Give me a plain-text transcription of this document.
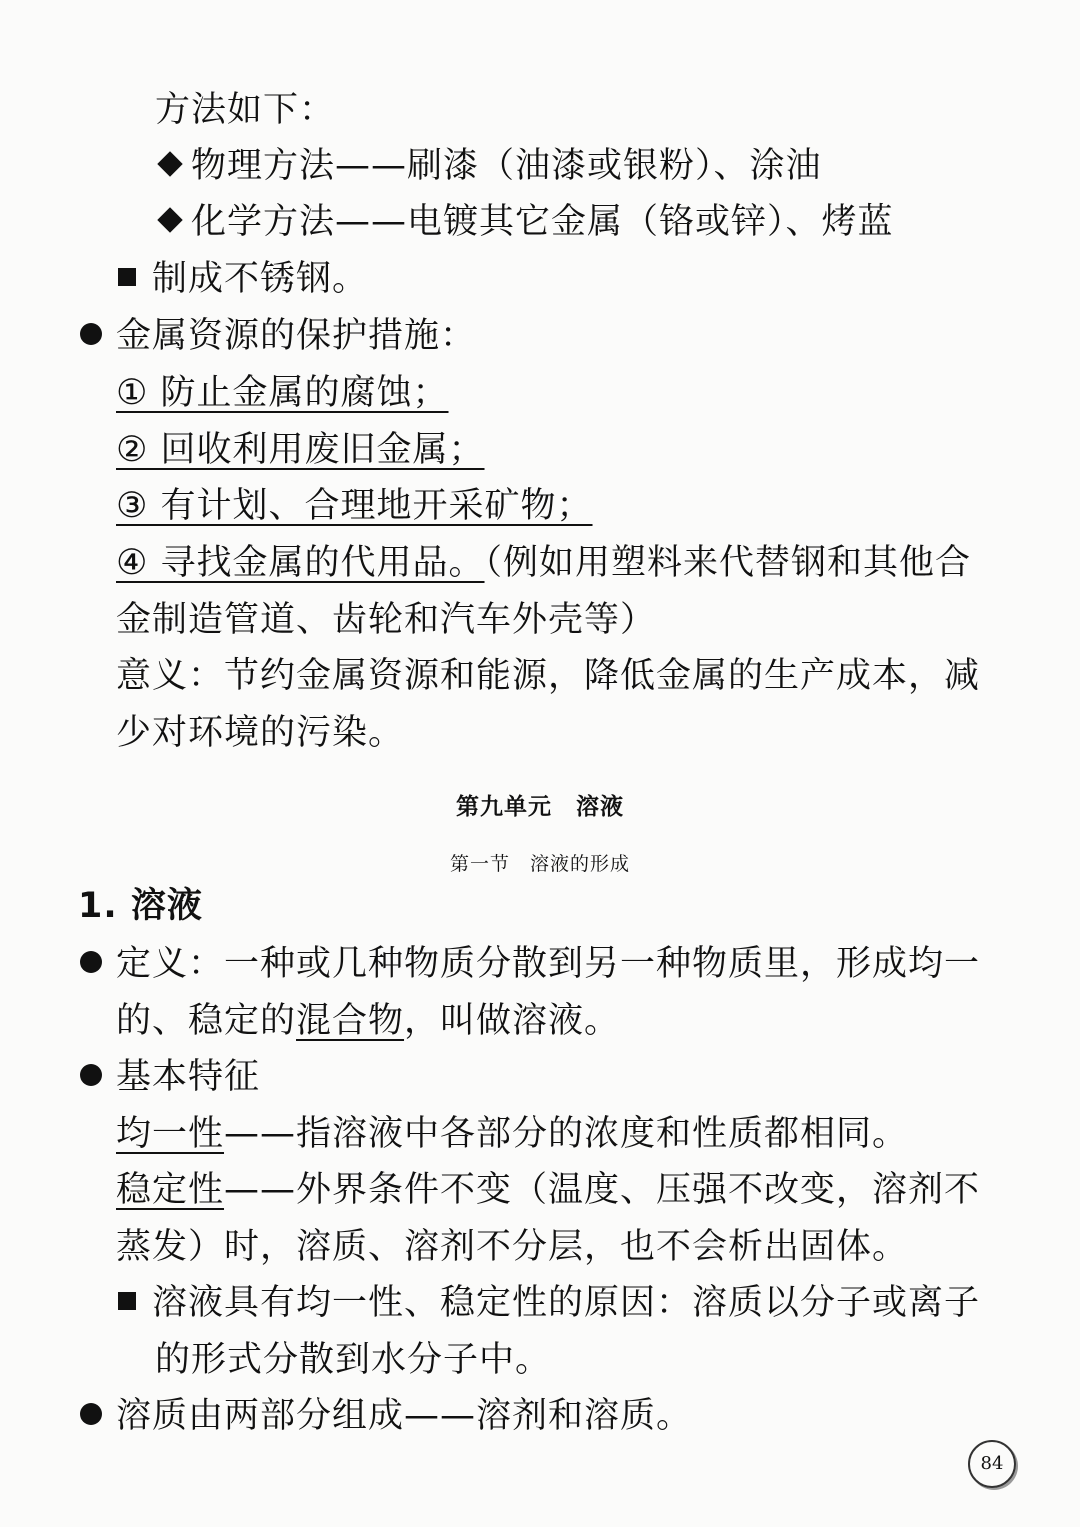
方法如下：
物理方法——刷漆（油漆或银粉）、涂油
化学方法——电镀其它金属（铬或锌）、烤蓝
制成不锈钢。
金属资源的保护措施：
① 防止金属的腐蚀；
② 回收利用废旧金属；
③ 有计划、合理地开采矿物；
④ 寻找金属的代用品。（例如用塑料来代替钢和其他合
金制造管道、齿轮和汽车外壳等）
意义：节约金属资源和能源，降低金属的生产成本，减
少对环境的污染。
第九单元　溶液
第一节　溶液的形成
1. 溶液
定义：一种或几种物质分散到另一种物质里，形成均一
的、稳定的混合物，叫做溶液。
基本特征
均一性——指溶液中各部分的浓度和性质都相同。
稳定性——外界条件不变（温度、压强不改变，溶剂不
蒸发）时，溶质、溶剂不分层，也不会析出固体。
溶液具有均一性、稳定性的原因：溶质以分子或离子
的形式分散到水分子中。
溶质由两部分组成——溶剂和溶质。
84
